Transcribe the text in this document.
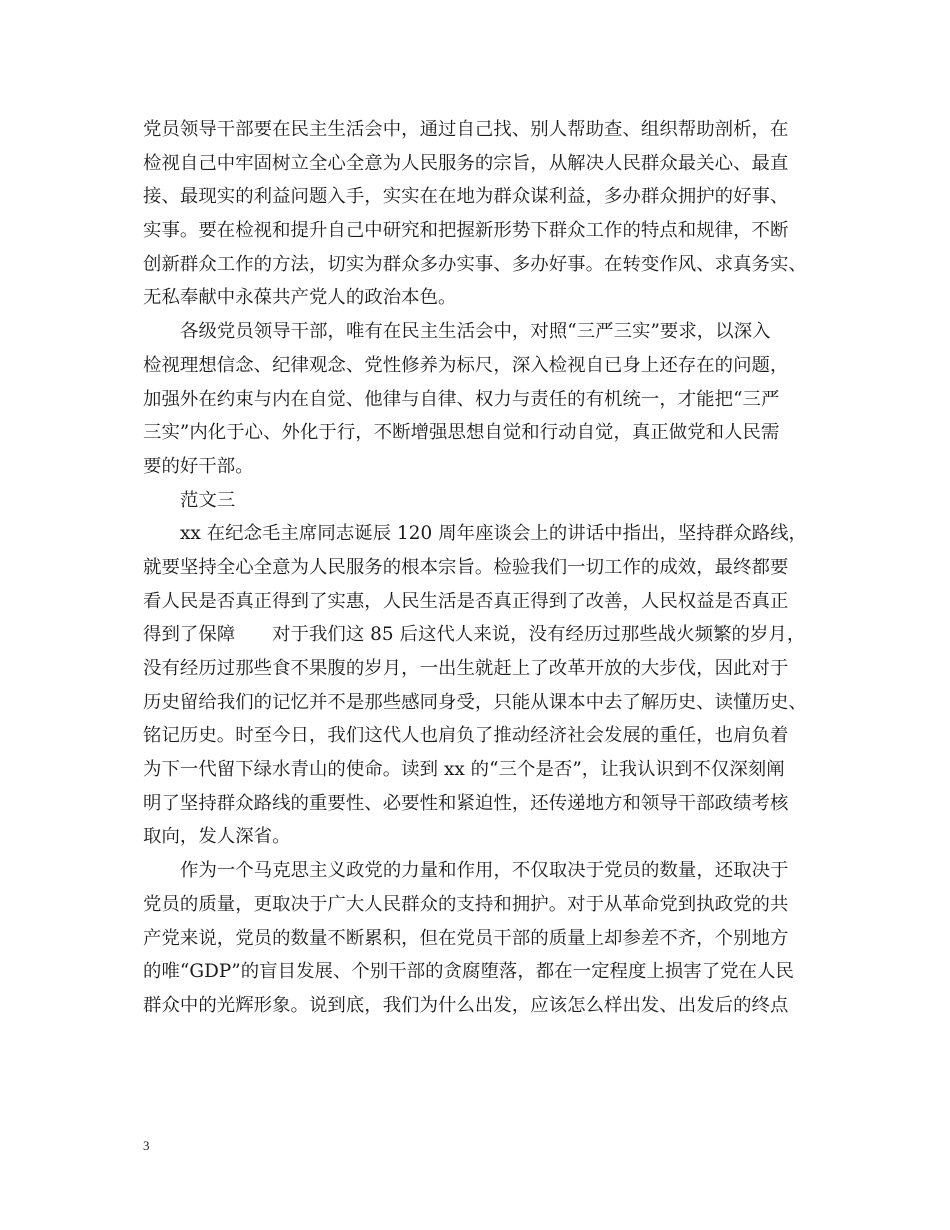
党员领导干部要在民主生活会中，通过自己找、别人帮助查、组织帮助剖析，在
检视自己中牢固树立全心全意为人民服务的宗旨，从解决人民群众最关心、最直
接、最现实的利益问题入手，实实在在地为群众谋利益，多办群众拥护的好事、
实事。要在检视和提升自己中研究和把握新形势下群众工作的特点和规律，不断
创新群众工作的方法，切实为群众多办实事、多办好事。在转变作风、求真务实、
无私奉献中永葆共产党人的政治本色。
各级党员领导干部，唯有在民主生活会中，对照“三严三实”要求，以深入
检视理想信念、纪律观念、党性修养为标尺，深入检视自已身上还存在的问题，
加强外在约束与内在自觉、他律与自律、权力与责任的有机统一，才能把“三严
三实”内化于心、外化于行，不断增强思想自觉和行动自觉，真正做党和人民需
要的好干部。
范文三
xx 在纪念毛主席同志诞辰 120 周年座谈会上的讲话中指出，坚持群众路线，
就要坚持全心全意为人民服务的根本宗旨。检验我们一切工作的成效，最终都要
看人民是否真正得到了实惠，人民生活是否真正得到了改善，人民权益是否真正
得到了保障　　对于我们这 85 后这代人来说，没有经历过那些战火频繁的岁月，
没有经历过那些食不果腹的岁月，一出生就赶上了改革开放的大步伐，因此对于
历史留给我们的记忆并不是那些感同身受，只能从课本中去了解历史、读懂历史、
铭记历史。时至今日，我们这代人也肩负了推动经济社会发展的重任，也肩负着
为下一代留下绿水青山的使命。读到 xx 的“三个是否”，让我认识到不仅深刻阐
明了坚持群众路线的重要性、必要性和紧迫性，还传递地方和领导干部政绩考核
取向，发人深省。
作为一个马克思主义政党的力量和作用，不仅取决于党员的数量，还取决于
党员的质量，更取决于广大人民群众的支持和拥护。对于从革命党到执政党的共
产党来说，党员的数量不断累积，但在党员干部的质量上却参差不齐，个别地方
的唯“GDP”的盲目发展、个别干部的贪腐堕落，都在一定程度上损害了党在人民
群众中的光辉形象。说到底，我们为什么出发，应该怎么样出发、出发后的终点
3
